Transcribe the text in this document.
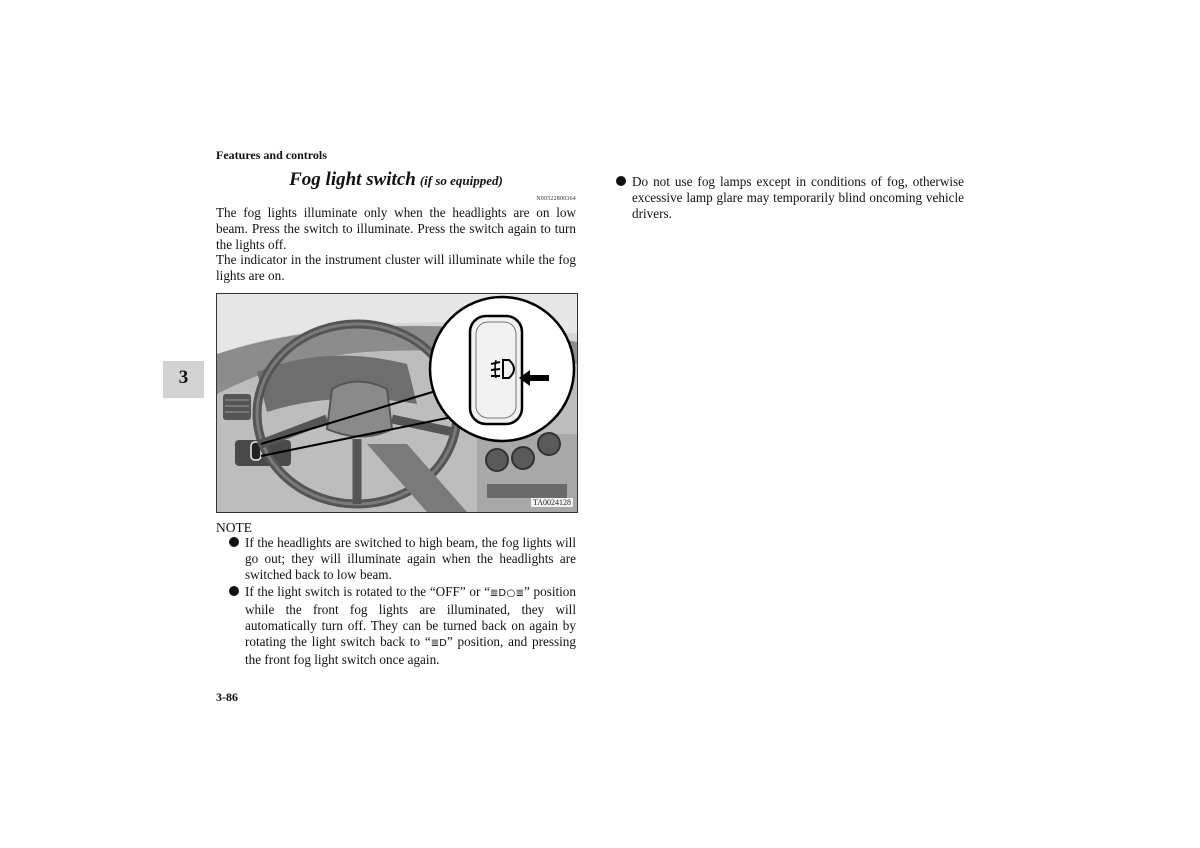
Features and controls
Fog light switch (if so equipped)
N00522800364
The fog lights illuminate only when the headlights are on low beam. Press the switch to illuminate. Press the switch again to turn the lights off.
The indicator in the instrument cluster will illuminate while the fog lights are on.
TA0024128
NOTE
If the headlights are switched to high beam, the fog lights will go out; they will illuminate again when the headlights are switched back to low beam.
If the light switch is rotated to the “OFF” or “≣D○≣” position while the front fog lights are illuminated, they will automatically turn off. They can be turned back on again by rotating the light switch back to “≣D” position, and pressing the front fog light switch once again.
Do not use fog lamps except in conditions of fog, otherwise excessive lamp glare may temporarily blind oncoming vehicle drivers.
3
3-86
